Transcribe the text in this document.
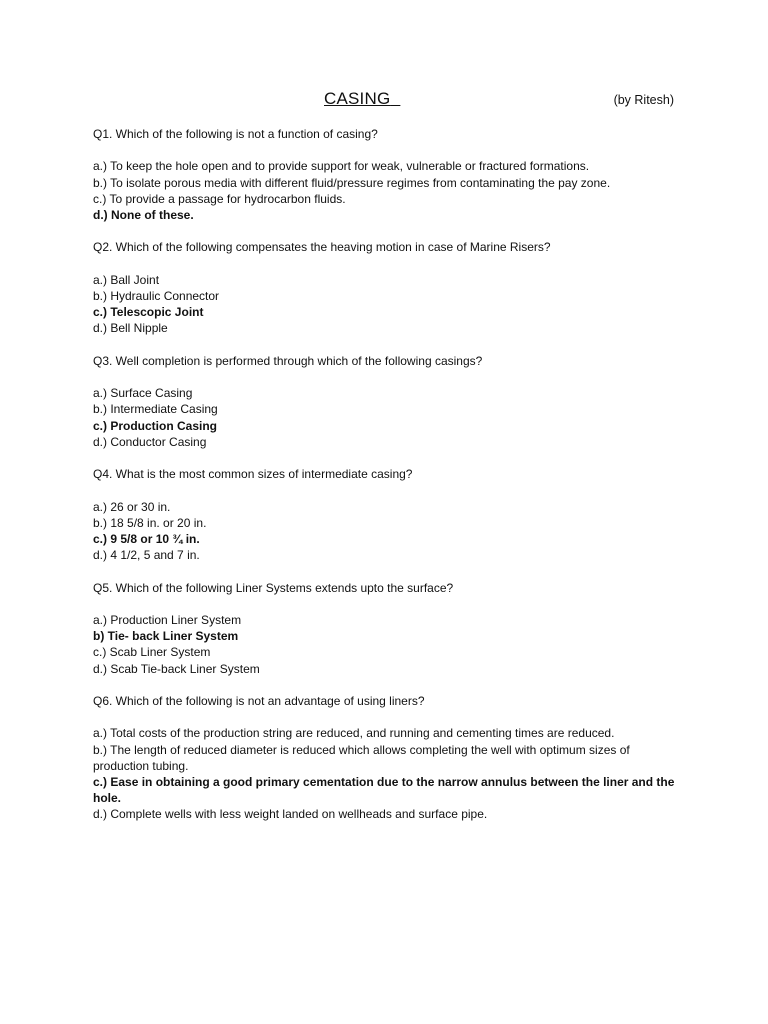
CASING	(by Ritesh)
Q1. Which of the following is not a function of casing?
a.) To keep the hole open and to provide support for weak, vulnerable or fractured formations.
b.) To isolate porous media with different fluid/pressure regimes from contaminating the pay zone.
c.) To provide a passage for hydrocarbon fluids.
d.) None of these.
Q2. Which of the following compensates the heaving motion in case of Marine Risers?
a.) Ball Joint
b.) Hydraulic Connector
c.) Telescopic Joint
d.) Bell Nipple
Q3. Well completion is performed through which of the following casings?
a.) Surface Casing
b.) Intermediate Casing
c.) Production Casing
d.) Conductor Casing
Q4. What is the most common sizes of intermediate casing?
a.) 26 or 30 in.
b.) 18 5/8 in. or 20 in.
c.) 9 5/8 or 10 ¾ in.
d.) 4 1/2, 5 and 7 in.
Q5. Which of the following Liner Systems extends upto the surface?
a.) Production Liner System
b) Tie- back Liner System
c.) Scab Liner System
d.) Scab Tie-back Liner System
Q6. Which of the following is not an advantage of using liners?
a.) Total costs of the production string are reduced, and running and cementing times are reduced.
b.) The length of reduced diameter is reduced which allows completing the well with optimum sizes of production tubing.
c.) Ease in obtaining a good primary cementation due to the narrow annulus between the liner and the hole.
d.) Complete wells with less weight landed on wellheads and surface pipe.
